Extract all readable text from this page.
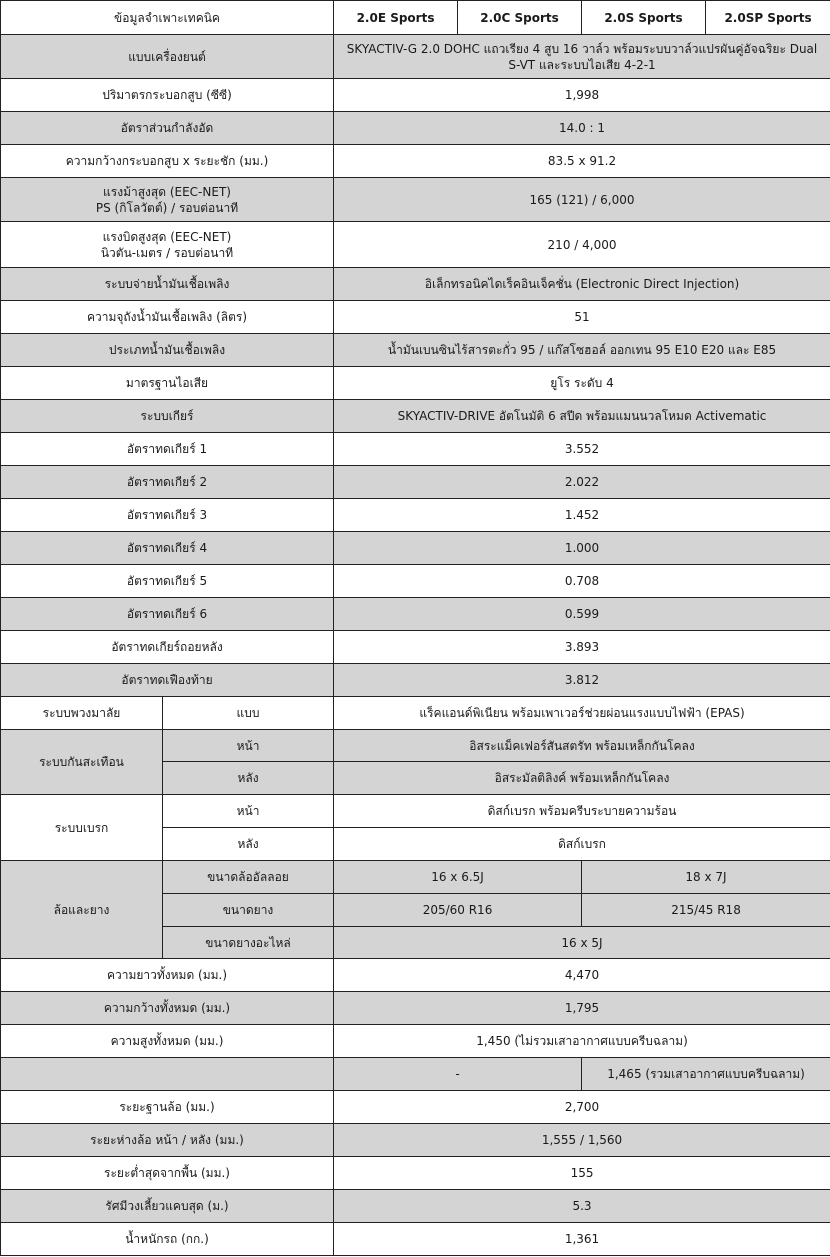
ข้อมูลจำเพาะเทคนิค		2.0E Sports	2.0C Sports	2.0S Sports	2.0SP Sports
แบบเครื่องยนต์		SKYACTIV-G 2.0 DOHC แถวเรียง 4 สูบ 16 วาล์ว พร้อมระบบวาล์วแปรผันคู่อัจฉริยะ Dual S-VT และระบบไอเสีย 4-2-1			
ปริมาตรกระบอกสูบ (ซีซี)		1,998			
อัตราส่วนกำลังอัด		14.0 : 1			
ความกว้างกระบอกสูบ x ระยะชัก (มม.)		83.5 x 91.2			
แรงม้าสูงสุด (EEC-NET)
PS (กิโลวัตต์) / รอบต่อนาที		165 (121) / 6,000			
แรงบิดสูงสุด (EEC-NET)
นิวตัน-เมตร / รอบต่อนาที		210 / 4,000			
ระบบจ่ายน้ำมันเชื้อเพลิง		อิเล็กทรอนิคไดเร็คอินเจ็คชั่น (Electronic Direct Injection)			
ความจุถังน้ำมันเชื้อเพลิง (ลิตร)		51			
ประเภทน้ำมันเชื้อเพลิง		น้ำมันเบนซินไร้สารตะกั่ว 95 / แก๊สโซฮอล์ ออกเทน 95 E10 E20 และ E85			
มาตรฐานไอเสีย		ยูโร ระดับ 4			
ระบบเกียร์		SKYACTIV-DRIVE อัตโนมัติ 6 สปีด พร้อมแมนนวลโหมด Activematic			
อัตราทดเกียร์ 1		3.552			
อัตราทดเกียร์ 2		2.022			
อัตราทดเกียร์ 3		1.452			
อัตราทดเกียร์ 4		1.000			
อัตราทดเกียร์ 5		0.708			
อัตราทดเกียร์ 6		0.599			
อัตราทดเกียร์ถอยหลัง		3.893			
อัตราทดเฟืองท้าย		3.812			
ระบบพวงมาลัย	แบบ	แร็คแอนด์พิเนียน พร้อมเพาเวอร์ช่วยผ่อนแรงแบบไฟฟ้า (EPAS)			
ระบบกันสะเทือน	หน้า	อิสระแม็คเฟอร์สันสตรัท พร้อมเหล็กกันโคลง			
	หลัง	อิสระมัลติลิงค์ พร้อมเหล็กกันโคลง			
ระบบเบรก	หน้า	ดิสก์เบรก พร้อมครีบระบายความร้อน			
	หลัง	ดิสก์เบรก			
ล้อและยาง	ขนาดล้ออัลลอย	16 x 6.5J		18 x 7J	
	ขนาดยาง	205/60 R16		215/45 R18	
	ขนาดยางอะไหล่	16 x 5J			
ความยาวทั้งหมด (มม.)		4,470			
ความกว้างทั้งหมด (มม.)		1,795			
ความสูงทั้งหมด (มม.)		1,450 (ไม่รวมเสาอากาศแบบครีบฉลาม)			
		-		1,465 (รวมเสาอากาศแบบครีบฉลาม)	
ระยะฐานล้อ (มม.)		2,700			
ระยะห่างล้อ หน้า / หลัง (มม.)		1,555 / 1,560			
ระยะต่ำสุดจากพื้น (มม.)		155			
รัศมีวงเลี้ยวแคบสุด (ม.)		5.3			
น้ำหนักรถ (กก.)		1,361			
